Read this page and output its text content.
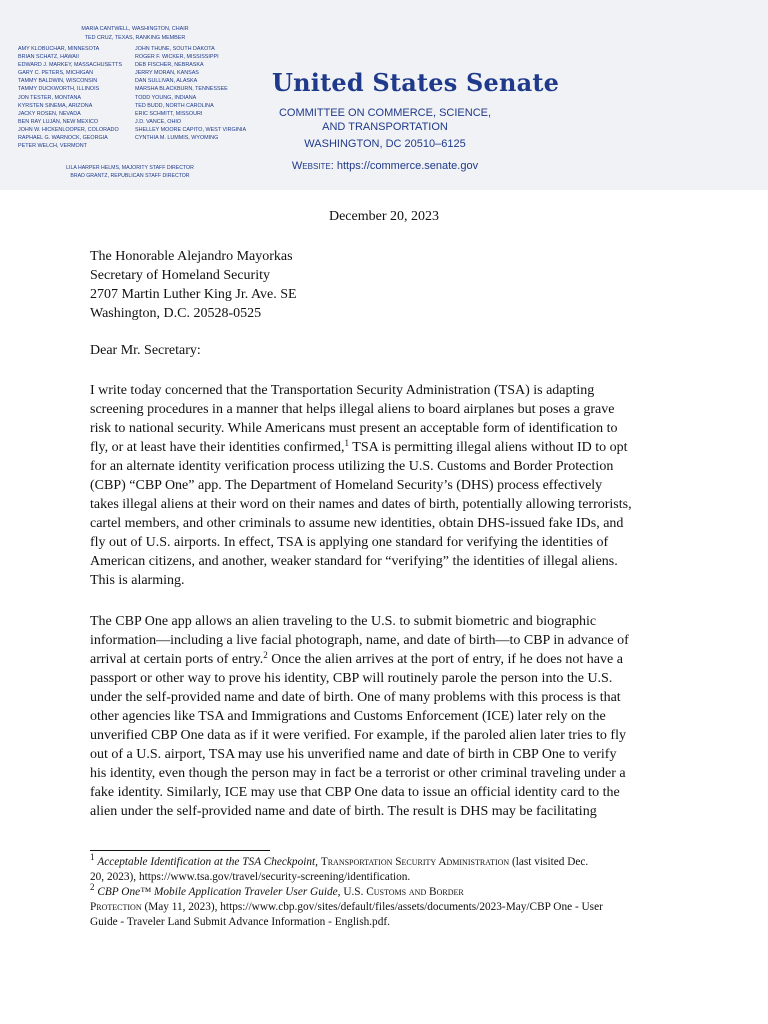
MARIA CANTWELL, WASHINGTON, CHAIR
TED CRUZ, TEXAS, RANKING MEMBER
AMY KLOBUCHAR, MINNESOTA
BRIAN SCHATZ, HAWAII
EDWARD J. MARKEY, MASSACHUSETTS
GARY C. PETERS, MICHIGAN
TAMMY BALDWIN, WISCONSIN
TAMMY DUCKWORTH, ILLINOIS
JON TESTER, MONTANA
KYRSTEN SINEMA, ARIZONA
JACKY ROSEN, NEVADA
BEN RAY LUJÁN, NEW MEXICO
JOHN W. HICKENLOOPER, COLORADO
RAPHAEL G. WARNOCK, GEORGIA
PETER WELCH, VERMONT
JOHN THUNE, SOUTH DAKOTA
ROGER F. WICKER, MISSISSIPPI
DEB FISCHER, NEBRASKA
JERRY MORAN, KANSAS
DAN SULLIVAN, ALASKA
MARSHA BLACKBURN, TENNESSEE
TODD YOUNG, INDIANA
TED BUDD, NORTH CAROLINA
ERIC SCHMITT, MISSOURI
J.D. VANCE, OHIO
SHELLEY MOORE CAPITO, WEST VIRGINIA
CYNTHIA M. LUMMIS, WYOMING
LILA HARPER HELMS, MAJORITY STAFF DIRECTOR
BRAD GRANTZ, REPUBLICAN STAFF DIRECTOR
United States Senate
COMMITTEE ON COMMERCE, SCIENCE,
AND TRANSPORTATION
WASHINGTON, DC 20510–6125
Website: https://commerce.senate.gov
December 20, 2023
The Honorable Alejandro Mayorkas
Secretary of Homeland Security
2707 Martin Luther King Jr. Ave. SE
Washington, D.C. 20528-0525
Dear Mr. Secretary:
I write today concerned that the Transportation Security Administration (TSA) is adapting
screening procedures in a manner that helps illegal aliens to board airplanes but poses a grave
risk to national security. While Americans must present an acceptable form of identification to
fly, or at least have their identities confirmed,$^1$ TSA is permitting illegal aliens without ID to opt
for an alternate identity verification process utilizing the U.S. Customs and Border Protection
(CBP) “CBP One” app. The Department of Homeland Security’s (DHS) process effectively
takes illegal aliens at their word on their names and dates of birth, potentially allowing terrorists,
cartel members, and other criminals to assume new identities, obtain DHS-issued fake IDs, and
fly out of U.S. airports. In effect, TSA is applying one standard for verifying the identities of
American citizens, and another, weaker standard for “verifying” the identities of illegal aliens.
This is alarming.
The CBP One app allows an alien traveling to the U.S. to submit biometric and biographic
information—including a live facial photograph, name, and date of birth—to CBP in advance of
arrival at certain ports of entry.$^2$ Once the alien arrives at the port of entry, if he does not have a
passport or other way to prove his identity, CBP will routinely parole the person into the U.S.
under the self-provided name and date of birth. One of many problems with this process is that
other agencies like TSA and Immigrations and Customs Enforcement (ICE) later rely on the
unverified CBP One data as if it were verified. For example, if the paroled alien later tries to fly
out of a U.S. airport, TSA may use his unverified name and date of birth in CBP One to verify
his identity, even though the person may in fact be a terrorist or other criminal traveling under a
fake identity. Similarly, ICE may use that CBP One data to issue an official identity card to the
alien under the self-provided name and date of birth. The result is DHS may be facilitating
$^1$ Acceptable Identification at the TSA Checkpoint, Transportation Security Administration (last visited Dec.
20, 2023), https://www.tsa.gov/travel/security-screening/identification.
$^2$ CBP One™ Mobile Application Traveler User Guide, U.S. Customs and Border
Protection (May 11, 2023), https://www.cbp.gov/sites/default/files/assets/documents/2023-May/CBP One - User
Guide - Traveler Land Submit Advance Information - English.pdf.
